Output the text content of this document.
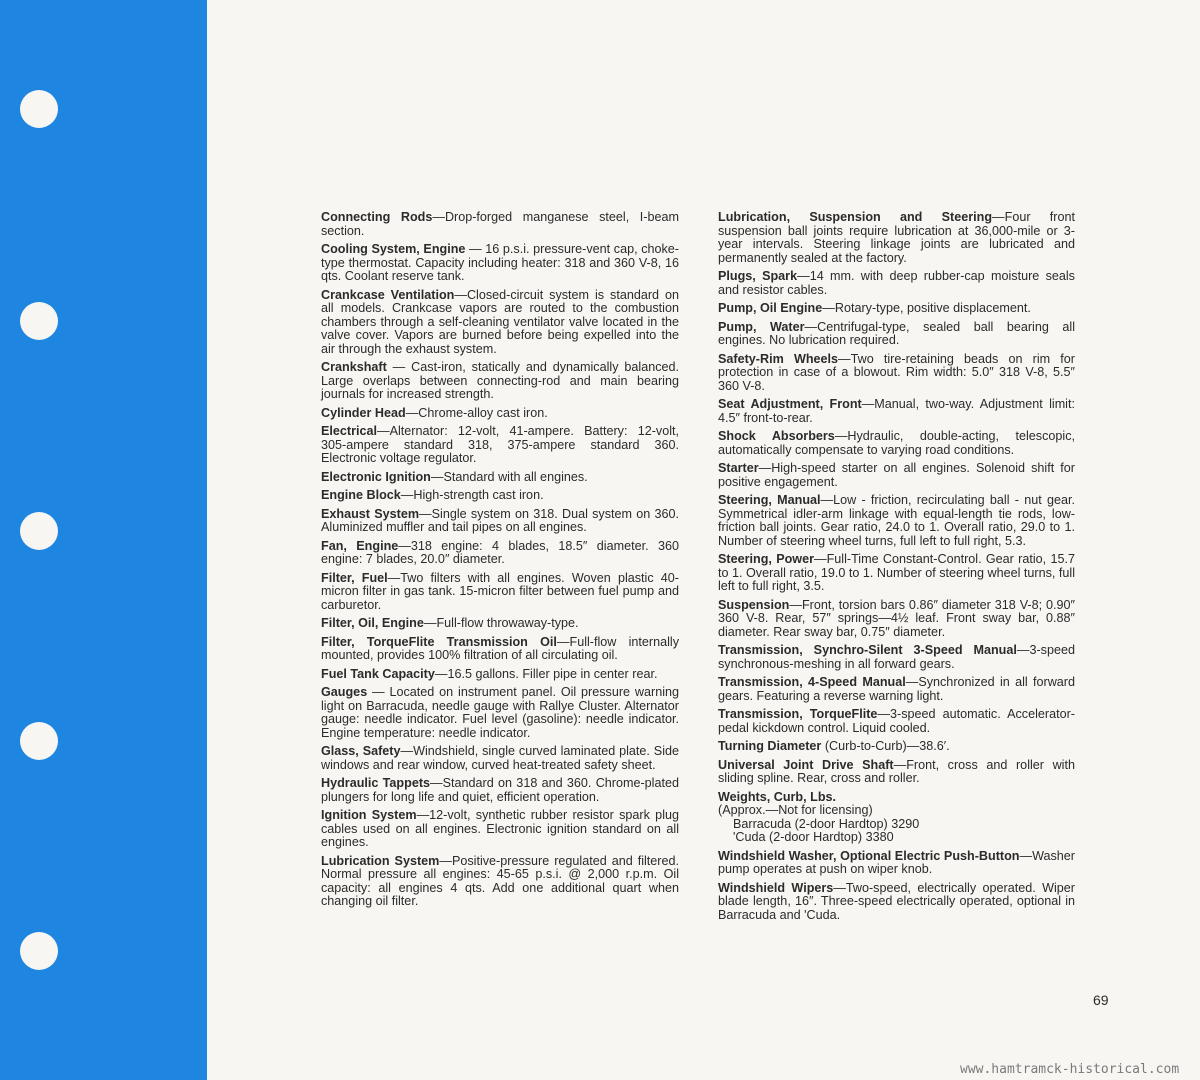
Connecting Rods—Drop-forged manganese steel, I-beam section.
Cooling System, Engine — 16 p.s.i. pressure-vent cap, choke-type thermostat. Capacity including heater: 318 and 360 V-8, 16 qts. Coolant reserve tank.
Crankcase Ventilation—Closed-circuit system is standard on all models. Crankcase vapors are routed to the combustion chambers through a self-cleaning ventilator valve located in the valve cover. Vapors are burned before being expelled into the air through the exhaust system.
Crankshaft — Cast-iron, statically and dynamically balanced. Large overlaps between connecting-rod and main bearing journals for increased strength.
Cylinder Head—Chrome-alloy cast iron.
Electrical—Alternator: 12-volt, 41-ampere. Battery: 12-volt, 305-ampere standard 318, 375-ampere standard 360. Electronic voltage regulator.
Electronic Ignition—Standard with all engines.
Engine Block—High-strength cast iron.
Exhaust System—Single system on 318. Dual system on 360. Aluminized muffler and tail pipes on all engines.
Fan, Engine—318 engine: 4 blades, 18.5″ diameter. 360 engine: 7 blades, 20.0″ diameter.
Filter, Fuel—Two filters with all engines. Woven plastic 40-micron filter in gas tank. 15-micron filter between fuel pump and carburetor.
Filter, Oil, Engine—Full-flow throwaway-type.
Filter, TorqueFlite Transmission Oil—Full-flow internally mounted, provides 100% filtration of all circulating oil.
Fuel Tank Capacity—16.5 gallons. Filler pipe in center rear.
Gauges — Located on instrument panel. Oil pressure warning light on Barracuda, needle gauge with Rallye Cluster. Alternator gauge: needle indicator. Fuel level (gasoline): needle indicator. Engine temperature: needle indicator.
Glass, Safety—Windshield, single curved laminated plate. Side windows and rear window, curved heat-treated safety sheet.
Hydraulic Tappets—Standard on 318 and 360. Chrome-plated plungers for long life and quiet, efficient operation.
Ignition System—12-volt, synthetic rubber resistor spark plug cables used on all engines. Electronic ignition standard on all engines.
Lubrication System—Positive-pressure regulated and filtered. Normal pressure all engines: 45-65 p.s.i. @ 2,000 r.p.m. Oil capacity: all engines 4 qts. Add one additional quart when changing oil filter.
Lubrication, Suspension and Steering—Four front suspension ball joints require lubrication at 36,000-mile or 3-year intervals. Steering linkage joints are lubricated and permanently sealed at the factory.
Plugs, Spark—14 mm. with deep rubber-cap moisture seals and resistor cables.
Pump, Oil Engine—Rotary-type, positive displacement.
Pump, Water—Centrifugal-type, sealed ball bearing all engines. No lubrication required.
Safety-Rim Wheels—Two tire-retaining beads on rim for protection in case of a blowout. Rim width: 5.0″ 318 V-8, 5.5″ 360 V-8.
Seat Adjustment, Front—Manual, two-way. Adjustment limit: 4.5″ front-to-rear.
Shock Absorbers—Hydraulic, double-acting, telescopic, automatically compensate to varying road conditions.
Starter—High-speed starter on all engines. Solenoid shift for positive engagement.
Steering, Manual—Low - friction, recirculating ball - nut gear. Symmetrical idler-arm linkage with equal-length tie rods, low-friction ball joints. Gear ratio, 24.0 to 1. Overall ratio, 29.0 to 1. Number of steering wheel turns, full left to full right, 5.3.
Steering, Power—Full-Time Constant-Control. Gear ratio, 15.7 to 1. Overall ratio, 19.0 to 1. Number of steering wheel turns, full left to full right, 3.5.
Suspension—Front, torsion bars 0.86″ diameter 318 V-8; 0.90″ 360 V-8. Rear, 57″ springs—4½ leaf. Front sway bar, 0.88″ diameter. Rear sway bar, 0.75″ diameter.
Transmission, Synchro-Silent 3-Speed Manual—3-speed synchronous-meshing in all forward gears.
Transmission, 4-Speed Manual—Synchronized in all forward gears. Featuring a reverse warning light.
Transmission, TorqueFlite—3-speed automatic. Accelerator-pedal kickdown control. Liquid cooled.
Turning Diameter (Curb-to-Curb)—38.6′.
Universal Joint Drive Shaft—Front, cross and roller with sliding spline. Rear, cross and roller.
Weights, Curb, Lbs.
(Approx.—Not for licensing)
Barracuda (2-door Hardtop) 3290
'Cuda (2-door Hardtop) 3380
Windshield Washer, Optional Electric Push-Button—Washer pump operates at push on wiper knob.
Windshield Wipers—Two-speed, electrically operated. Wiper blade length, 16″. Three-speed electrically operated, optional in Barracuda and 'Cuda.
69
www.hamtramck-historical.com
